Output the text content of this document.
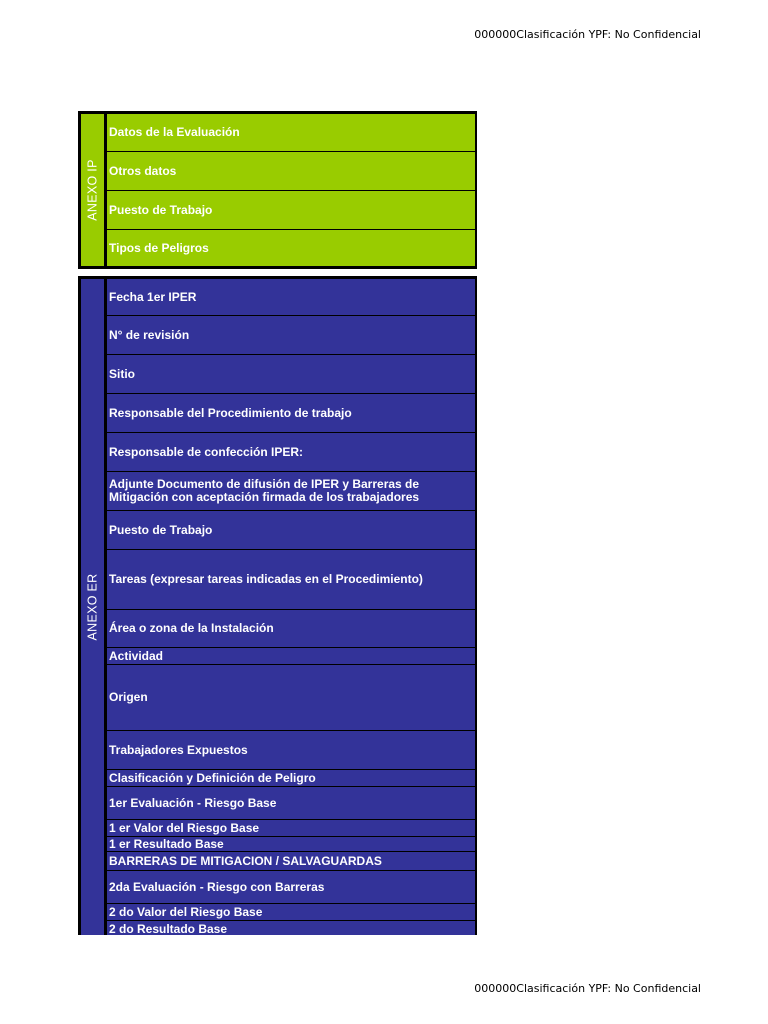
000000Clasificación YPF: No Confidencial
ANEXO IP
Datos de la Evaluación
Otros datos
Puesto de Trabajo
Tipos de Peligros
ANEXO ER
Fecha 1er IPER
N° de revisión
Sitio
Responsable del Procedimiento de trabajo
Responsable de confección IPER:
Adjunte Documento de difusión de IPER y Barreras de Mitigación con aceptación firmada de los trabajadores
Puesto de Trabajo
Tareas (expresar tareas indicadas en el Procedimiento)
Área o zona de la Instalación
Actividad
Origen
Trabajadores Expuestos
Clasificación y Definición de Peligro
1er Evaluación - Riesgo Base
1 er Valor del Riesgo Base
1 er Resultado Base
BARRERAS DE MITIGACION / SALVAGUARDAS
2da Evaluación - Riesgo con Barreras
2 do Valor del Riesgo Base
2 do Resultado Base
000000Clasificación YPF: No Confidencial
